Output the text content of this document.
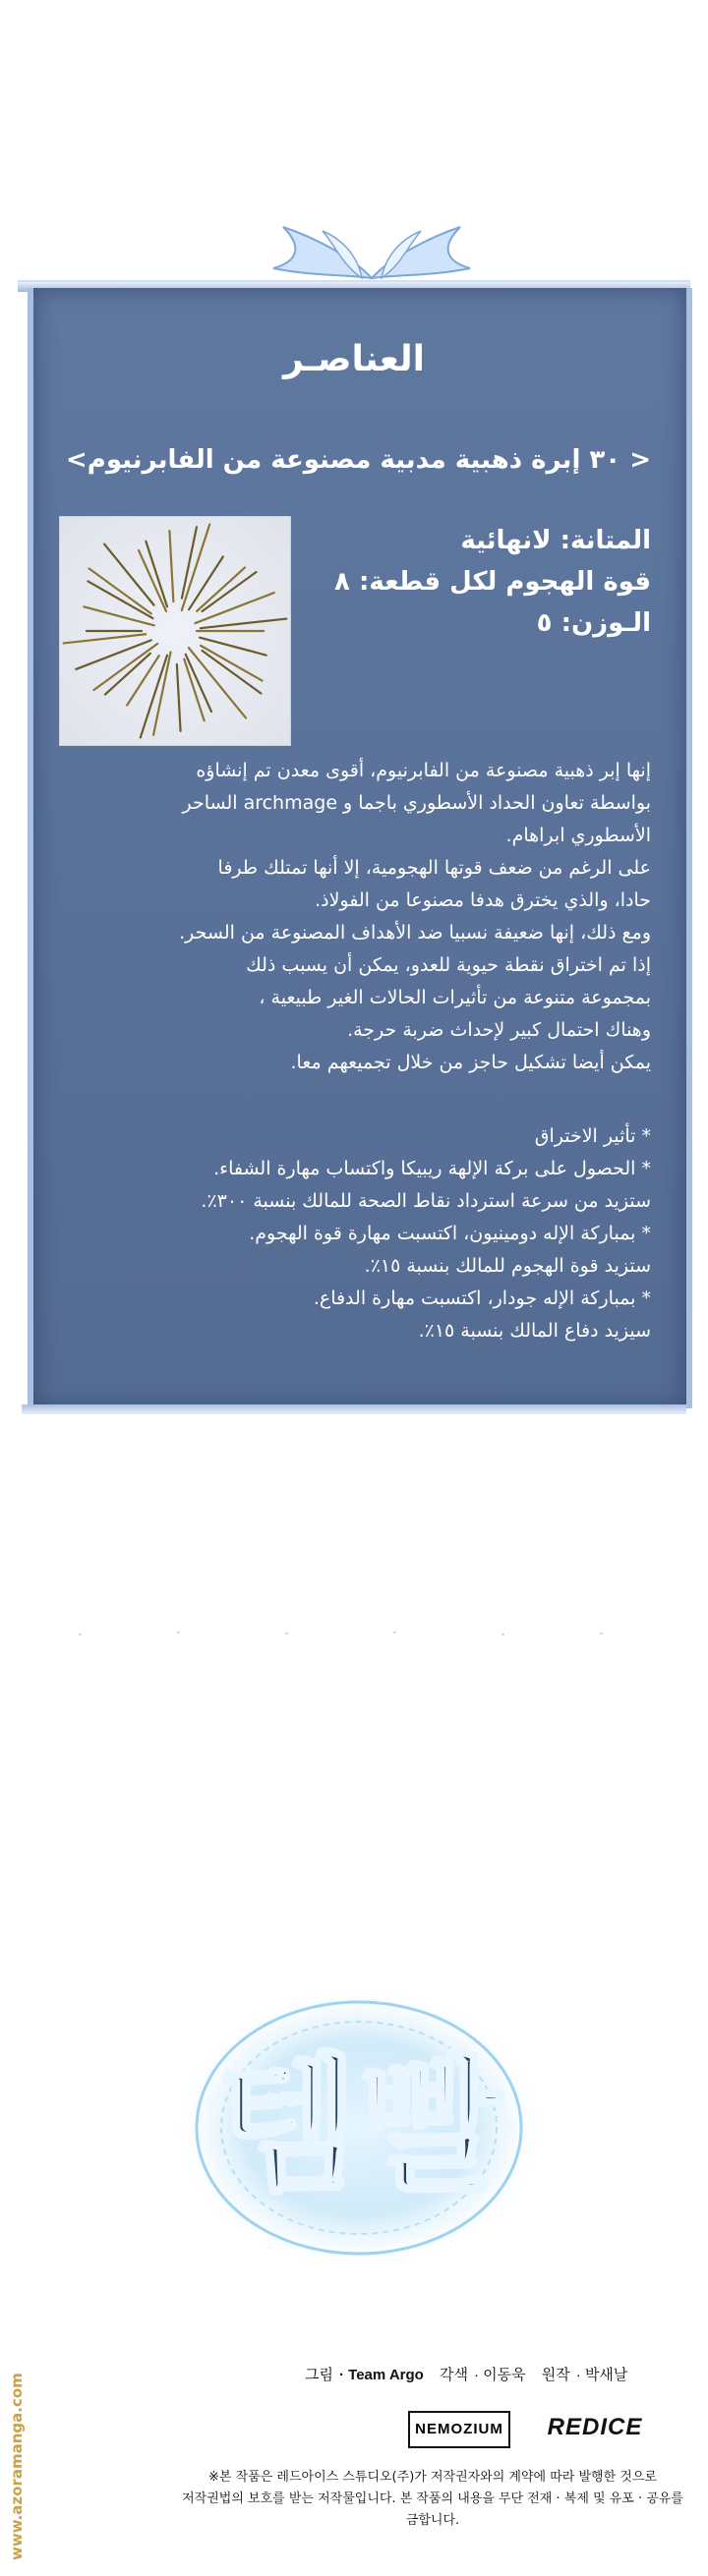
العناصـر
< ٣٠ إبرة ذهبية مدبية مصنوعة من الفابرنيوم>
المتانة: لانهائية
قوة الهجوم لكل قطعة: ٨
الـوزن: ٥
إنها إبر ذهبية مصنوعة من الفابرنيوم، أقوى معدن تم إنشاؤه
بواسطة تعاون الحداد الأسطوري باجما و archmage الساحر
الأسطوري ابراهام.
على الرغم من ضعف قوتها الهجومية، إلا أنها تمتلك طرفا
حادا، والذي يخترق هدفا مصنوعا من الفولاذ.
ومع ذلك، إنها ضعيفة نسبيا ضد الأهداف المصنوعة من السحر.
إذا تم اختراق نقطة حيوية للعدو، يمكن أن يسبب ذلك
بمجموعة متنوعة من تأثيرات الحالات الغير طبيعية ،
وهناك احتمال كبير لإحداث ضربة حرجة.
يمكن أيضا تشكيل حاجز من خلال تجميعهم معا.
* تأثير الاختراق
* الحصول على بركة الإلهة ريبيكا واكتساب مهارة الشفاء.
ستزيد من سرعة استرداد نقاط الصحة للمالك بنسبة ٣٠٠٪.
* بمباركة الإله دومينيون، اكتسبت مهارة قوة الهجوم.
ستزيد قوة الهجوم للمالك بنسبة ١٥٪.
* بمباركة الإله جودار، اكتسبت مهارة الدفاع.
سيزيد دفاع المالك بنسبة ١٥٪.
템빨
그림 · Team Argo 각색 · 이동욱 원작 · 박새날
NEMOZIUM	REDICE
※본 작품은 레드아이스 스튜디오(주)가 저작권자와의 계약에 따라 발행한 것으로
저작권법의 보호를 받는 저작물입니다. 본 작품의 내용을 무단 전재 · 복제 및 유포 · 공유를 금합니다.
www.azoramanga.com
